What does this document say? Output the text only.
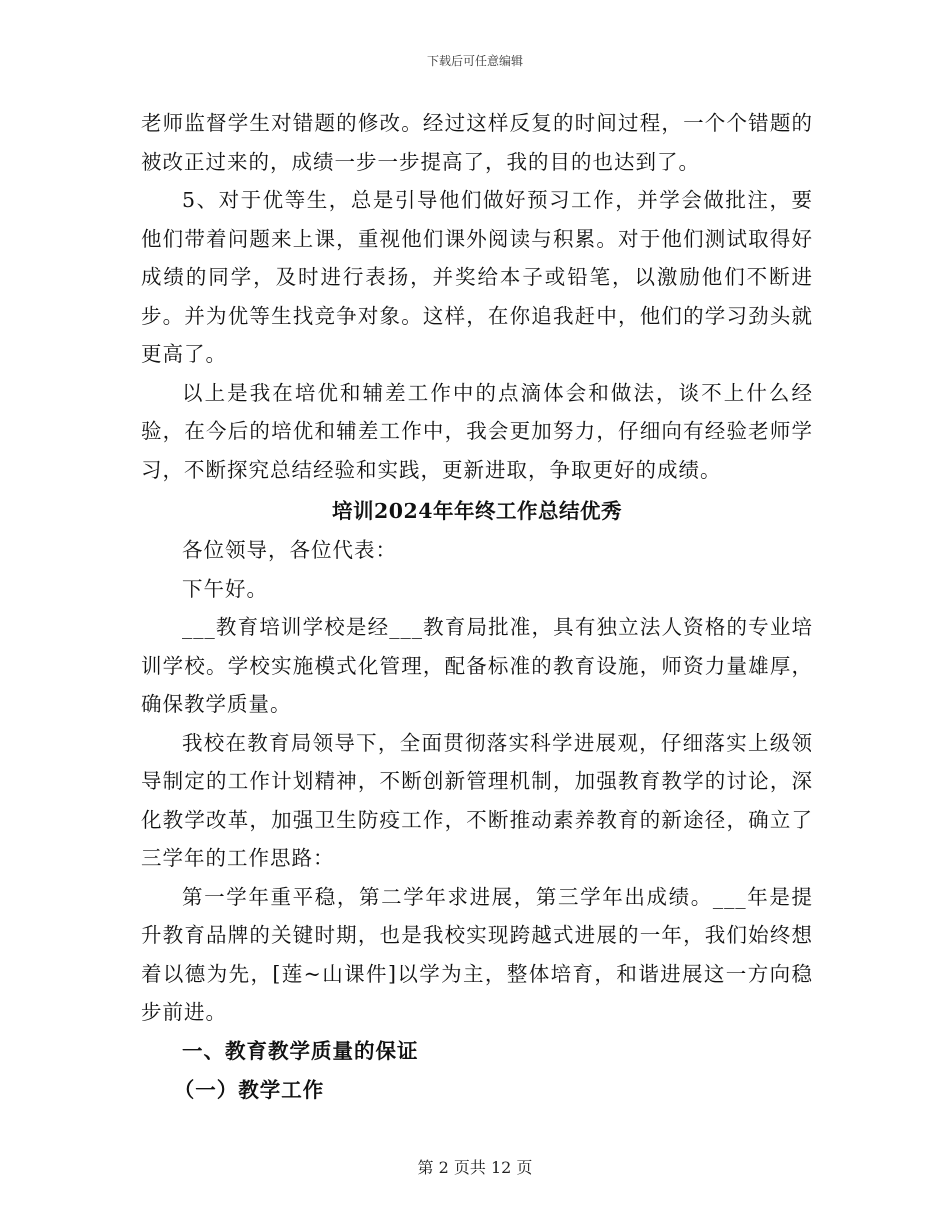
下载后可任意编辑

老师监督学生对错题的修改。经过这样反复的时间过程，一个个错题的被改正过来的，成绩一步一步提高了，我的目的也达到了。

5、对于优等生，总是引导他们做好预习工作，并学会做批注，要他们带着问题来上课，重视他们课外阅读与积累。对于他们测试取得好成绩的同学，及时进行表扬，并奖给本子或铅笔，以激励他们不断进步。并为优等生找竞争对象。这样，在你追我赶中，他们的学习劲头就更高了。

以上是我在培优和辅差工作中的点滴体会和做法，谈不上什么经验，在今后的培优和辅差工作中，我会更加努力，仔细向有经验老师学习，不断探究总结经验和实践，更新进取，争取更好的成绩。

培训2024年年终工作总结优秀

各位领导，各位代表：

下午好。

___教育培训学校是经___教育局批准，具有独立法人资格的专业培训学校。学校实施模式化管理，配备标准的教育设施，师资力量雄厚，确保教学质量。

我校在教育局领导下，全面贯彻落实科学进展观，仔细落实上级领导制定的工作计划精神，不断创新管理机制，加强教育教学的讨论，深化教学改革，加强卫生防疫工作，不断推动素养教育的新途径，确立了三学年的工作思路：

第一学年重平稳，第二学年求进展，第三学年出成绩。___年是提升教育品牌的关键时期，也是我校实现跨越式进展的一年，我们始终想着以德为先，[莲~山课件]以学为主，整体培育，和谐进展这一方向稳步前进。

一、教育教学质量的保证
（一）教学工作
第 2 页共 12 页
